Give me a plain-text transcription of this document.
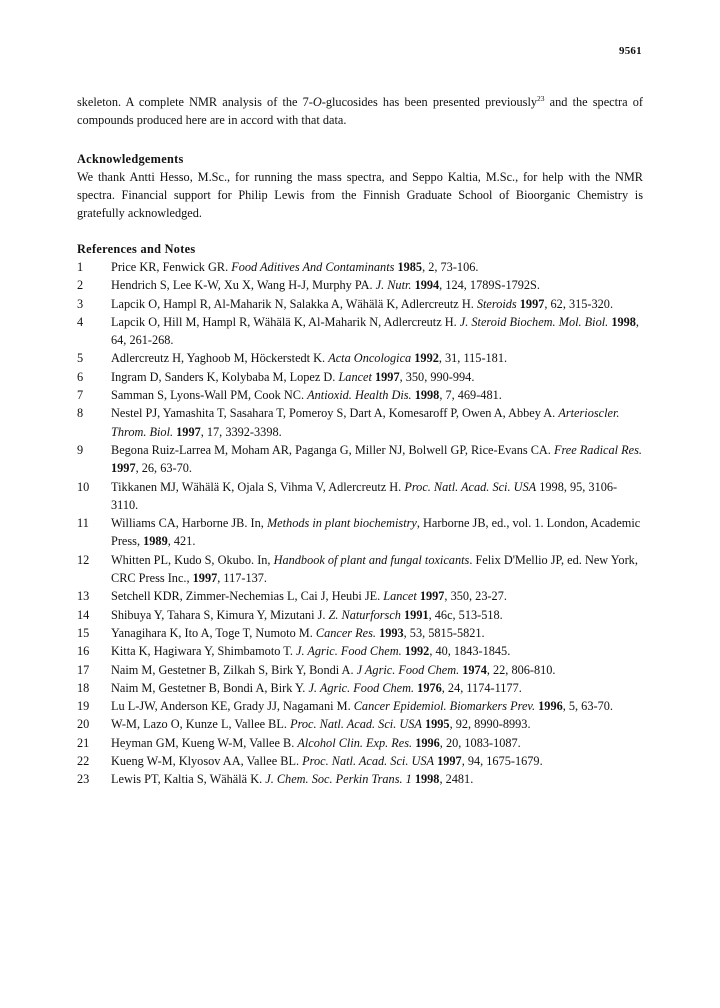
9561

skeleton. A complete NMR analysis of the 7-O-glucosides has been presented previously$^{23}$ and the spectra of compounds produced here are in accord with that data.

Acknowledgements

We thank Antti Hesso, M.Sc., for running the mass spectra, and Seppo Kaltia, M.Sc., for help with the NMR spectra. Financial support for Philip Lewis from the Finnish Graduate School of Bioorganic Chemistry is gratefully acknowledged.

References and Notes
1	Price KR, Fenwick GR. Food Aditives And Contaminants 1985, 2, 73-106.
2	Hendrich S, Lee K-W, Xu X, Wang H-J, Murphy PA. J. Nutr. 1994, 124, 1789S-1792S.
3	Lapcik O, Hampl R, Al-Maharik N, Salakka A, Wähälä K, Adlercreutz H. Steroids 1997, 62, 315-320.
4	Lapcik O, Hill M, Hampl R, Wähälä K, Al-Maharik N, Adlercreutz H. J. Steroid Biochem. Mol. Biol. 1998, 64, 261-268.
5	Adlercreutz H, Yaghoob M, Höckerstedt K. Acta Oncologica 1992, 31, 115-181.
6	Ingram D, Sanders K, Kolybaba M, Lopez D. Lancet 1997, 350, 990-994.
7	Samman S, Lyons-Wall PM, Cook NC. Antioxid. Health Dis. 1998, 7, 469-481.
8	Nestel PJ, Yamashita T, Sasahara T, Pomeroy S, Dart A, Komesaroff P, Owen A, Abbey A. Arterioscler. Throm. Biol. 1997, 17, 3392-3398.
9	Begona Ruiz-Larrea M, Moham AR, Paganga G, Miller NJ, Bolwell GP, Rice-Evans CA. Free Radical Res. 1997, 26, 63-70.
10	Tikkanen MJ, Wähälä K, Ojala S, Vihma V, Adlercreutz H. Proc. Natl. Acad. Sci. USA 1998, 95, 3106-3110.
11	Williams CA, Harborne JB. In, Methods in plant biochemistry, Harborne JB, ed., vol. 1. London, Academic Press, 1989, 421.
12	Whitten PL, Kudo S, Okubo. In, Handbook of plant and fungal toxicants. Felix D'Mellio JP, ed. New York, CRC Press Inc., 1997, 117-137.
13	Setchell KDR, Zimmer-Nechemias L, Cai J, Heubi JE. Lancet 1997, 350, 23-27.
14	Shibuya Y, Tahara S, Kimura Y, Mizutani J. Z. Naturforsch 1991, 46c, 513-518.
15	Yanagihara K, Ito A, Toge T, Numoto M. Cancer Res. 1993, 53, 5815-5821.
16	Kitta K, Hagiwara Y, Shimbamoto T. J. Agric. Food Chem. 1992, 40, 1843-1845.
17	Naim M, Gestetner B, Zilkah S, Birk Y, Bondi A. J Agric. Food Chem. 1974, 22, 806-810.
18	Naim M, Gestetner B, Bondi A, Birk Y. J. Agric. Food Chem. 1976, 24, 1174-1177.
19	Lu L-JW, Anderson KE, Grady JJ, Nagamani M. Cancer Epidemiol. Biomarkers Prev. 1996, 5, 63-70.
20	W-M, Lazo O, Kunze L, Vallee BL. Proc. Natl. Acad. Sci. USA 1995, 92, 8990-8993.
21	Heyman GM, Kueng W-M, Vallee B. Alcohol Clin. Exp. Res. 1996, 20, 1083-1087.
22	Kueng W-M, Klyosov AA, Vallee BL. Proc. Natl. Acad. Sci. USA 1997, 94, 1675-1679.
23	Lewis PT, Kaltia S, Wähälä K. J. Chem. Soc. Perkin Trans. 1 1998, 2481.
